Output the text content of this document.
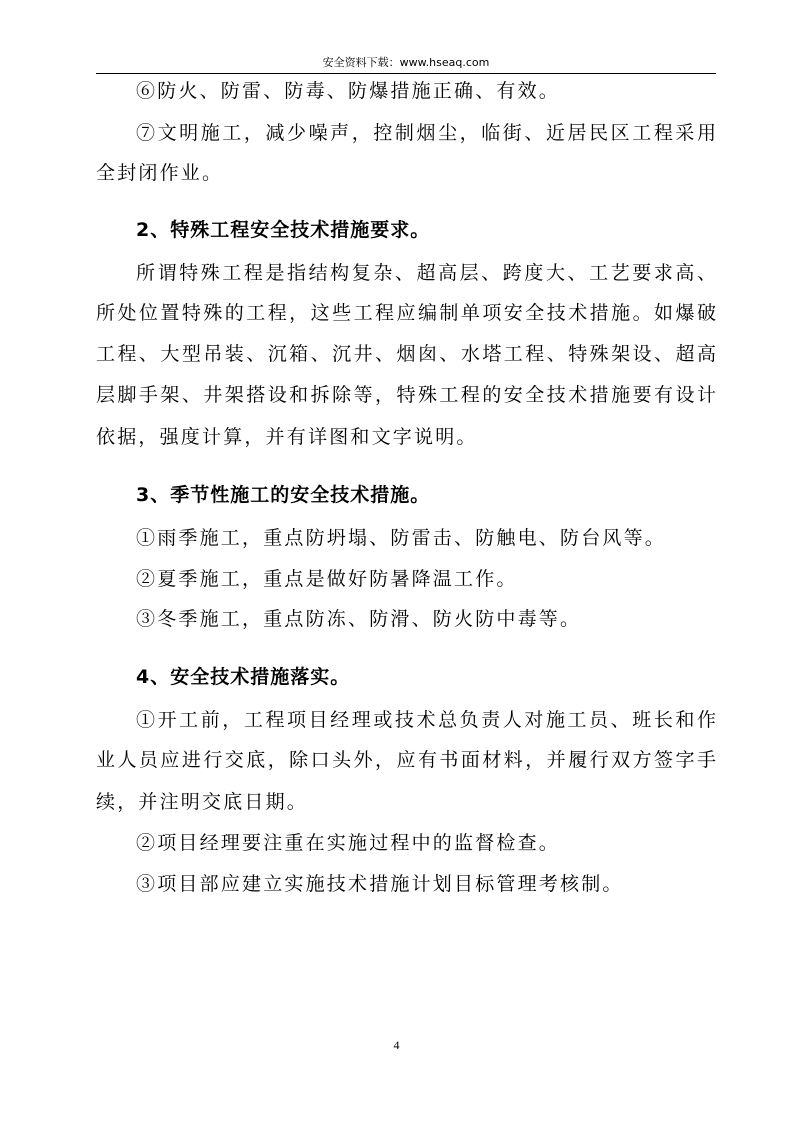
安全资料下载：www.hseaq.com
⑥防火、防雷、防毒、防爆措施正确、有效。
⑦文明施工，减少噪声，控制烟尘，临街、近居民区工程采用
全封闭作业。
2、特殊工程安全技术措施要求。
所谓特殊工程是指结构复杂、超高层、跨度大、工艺要求高、
所处位置特殊的工程，这些工程应编制单项安全技术措施。如爆破
工程、大型吊装、沉箱、沉井、烟囱、水塔工程、特殊架设、超高
层脚手架、井架搭设和拆除等，特殊工程的安全技术措施要有设计
依据，强度计算，并有详图和文字说明。
3、季节性施工的安全技术措施。
①雨季施工，重点防坍塌、防雷击、防触电、防台风等。
②夏季施工，重点是做好防暑降温工作。
③冬季施工，重点防冻、防滑、防火防中毒等。
4、安全技术措施落实。
①开工前，工程项目经理或技术总负责人对施工员、班长和作
业人员应进行交底，除口头外，应有书面材料，并履行双方签字手
续，并注明交底日期。
②项目经理要注重在实施过程中的监督检查。
③项目部应建立实施技术措施计划目标管理考核制。
4
